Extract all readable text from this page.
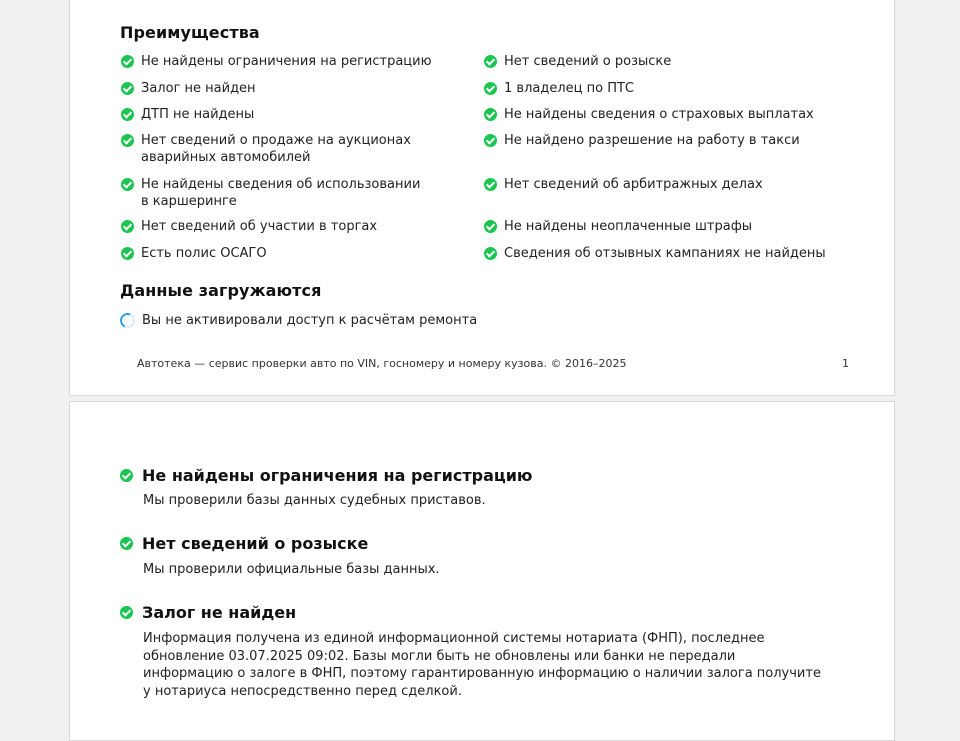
Преимущества
Не найдены ограничения на регистрацию
Залог не найден
ДТП не найдены
Нет сведений о продаже на аукционах аварийных автомобилей
Не найдены сведения об использовании в каршеринге
Нет сведений об участии в торгах
Есть полис ОСАГО
Нет сведений о розыске
1 владелец по ПТС
Не найдены сведения о страховых выплатах
Не найдено разрешение на работу в такси
Нет сведений об арбитражных делах
Не найдены неоплаченные штрафы
Сведения об отзывных кампаниях не найдены
Данные загружаются
Вы не активировали доступ к расчётам ремонта
Автотека — сервис проверки авто по VIN, госномеру и номеру кузова. © 2016–2025	1
Не найдены ограничения на регистрацию
Мы проверили базы данных судебных приставов.
Нет сведений о розыске
Мы проверили официальные базы данных.
Залог не найден
Информация получена из единой информационной системы нотариата (ФНП), последнее обновление 03.07.2025 09:02. Базы могли быть не обновлены или банки не передали информацию о залоге в ФНП, поэтому гарантированную информацию о наличии залога получите у нотариуса непосредственно перед сделкой.
